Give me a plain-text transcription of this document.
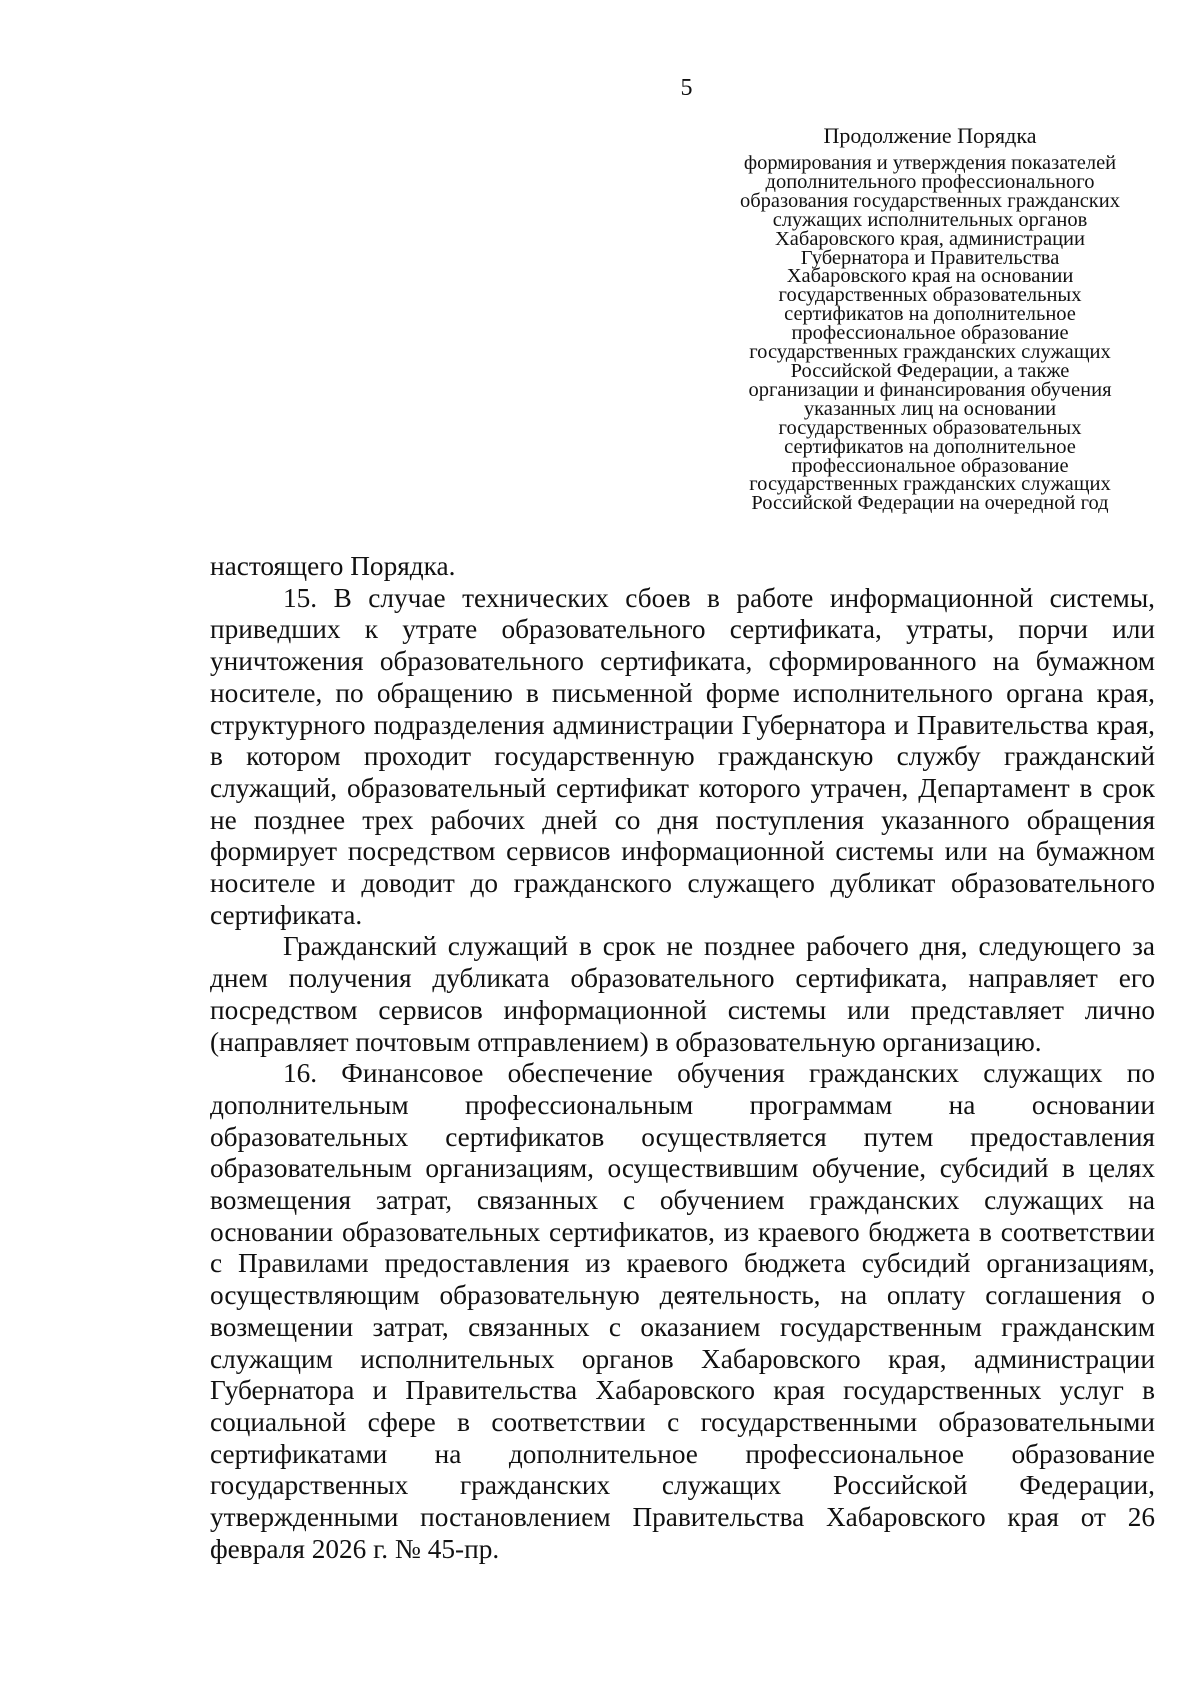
5
Продолжение Порядка
формирования и утверждения показателей
дополнительного профессионального
образования государственных гражданских
служащих исполнительных органов
Хабаровского края, администрации
Губернатора и Правительства
Хабаровского края на основании
государственных образовательных
сертификатов на дополнительное
профессиональное образование
государственных гражданских служащих
Российской Федерации, а также
организации и финансирования обучения
указанных лиц на основании
государственных образовательных
сертификатов на дополнительное
профессиональное образование
государственных гражданских служащих
Российской Федерации на очередной год

настоящего Порядка.

15. В случае технических сбоев в работе информационной системы, приведших к утрате образовательного сертификата, утраты, порчи или уничтожения образовательного сертификата, сформированного на бумажном носителе, по обращению в письменной форме исполнительного органа края, структурного подразделения администрации Губернатора и Правительства края, в котором проходит государственную гражданскую службу гражданский служащий, образовательный сертификат которого утрачен, Департамент в срок не позднее трех рабочих дней со дня поступления указанного обращения формирует посредством сервисов информационной системы или на бумажном носителе и доводит до гражданского служащего дубликат образовательного сертификата.

Гражданский служащий в срок не позднее рабочего дня, следующего за днем получения дубликата образовательного сертификата, направляет его посредством сервисов информационной системы или представляет лично (направляет почтовым отправлением) в образовательную организацию.

16. Финансовое обеспечение обучения гражданских служащих по дополнительным профессиональным программам на основании образовательных сертификатов осуществляется путем предоставления образовательным организациям, осуществившим обучение, субсидий в целях возмещения затрат, связанных с обучением гражданских служащих на основании образовательных сертификатов, из краевого бюджета в соответствии с Правилами предоставления из краевого бюджета субсидий организациям, осуществляющим образовательную деятельность, на оплату соглашения о возмещении затрат, связанных с оказанием государственным гражданским служащим исполнительных органов Хабаровского края, администрации Губернатора и Правительства Хабаровского края государственных услуг в социальной сфере в соответствии с государственными образовательными сертификатами на дополнительное профессиональное образование государственных гражданских служащих Российской Федерации, утвержденными постановлением Правительства Хабаровского края от 26 февраля 2026 г. № 45-пр.
